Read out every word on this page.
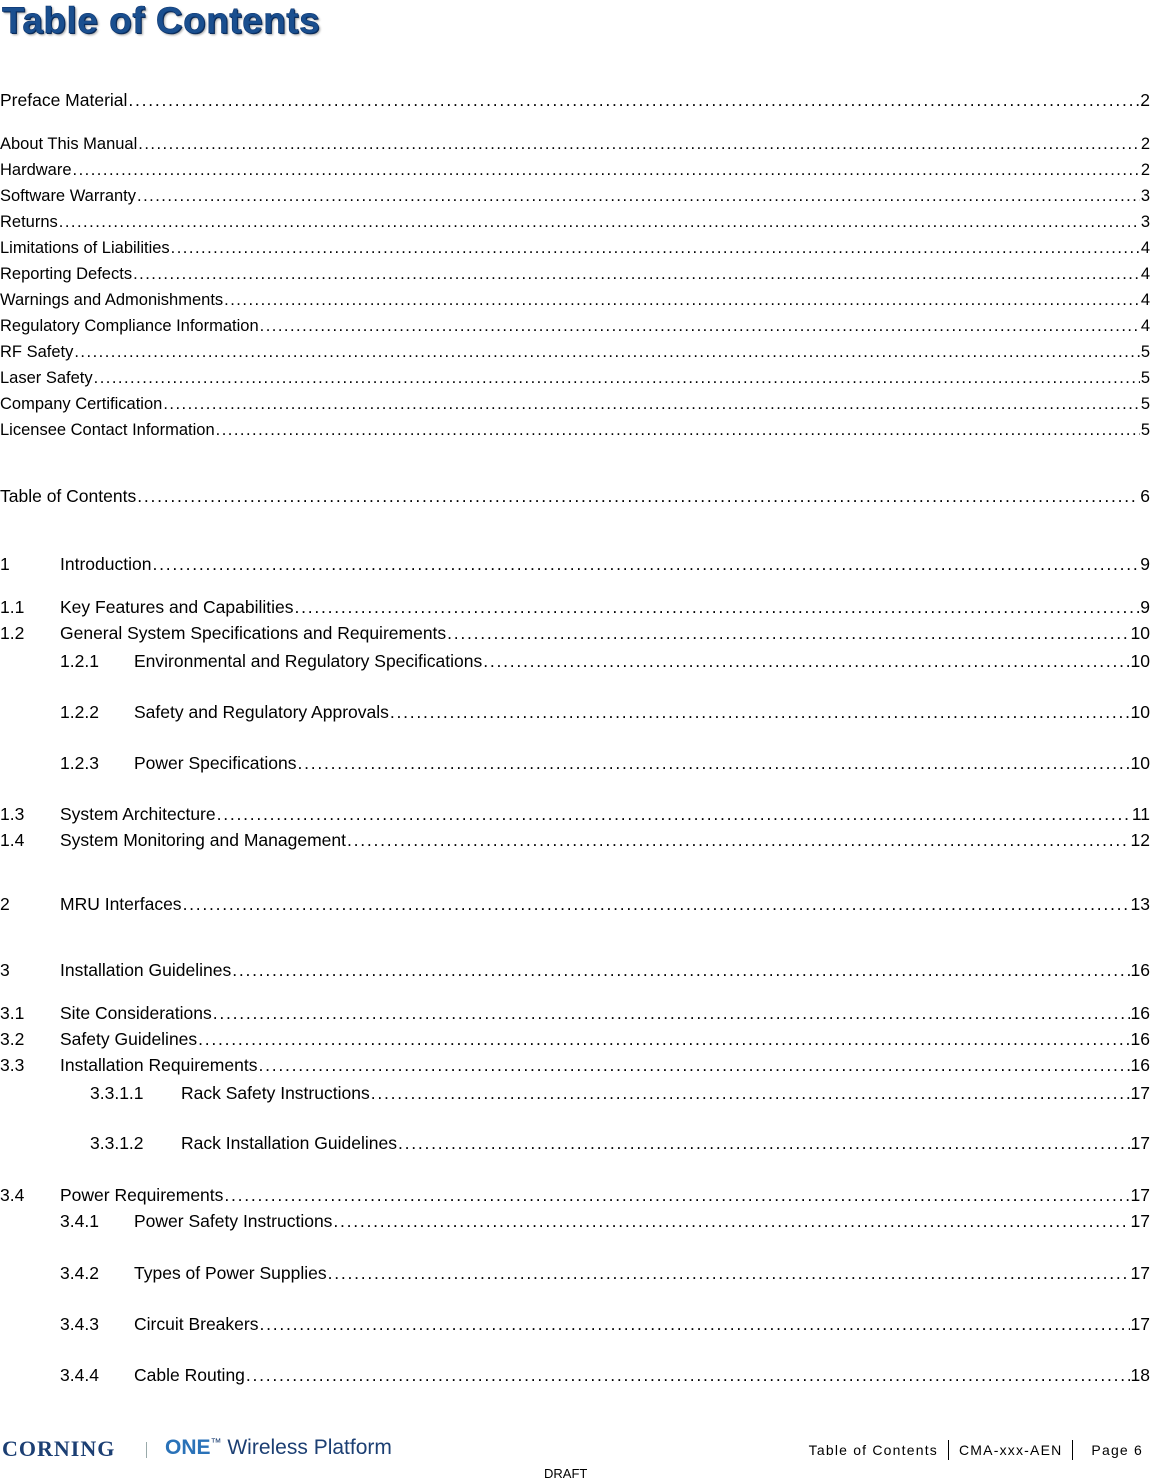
Table of Contents
Preface Material . . .	2
About This Manual . . .	2
Hardware . . .	2
Software Warranty . . .	3
Returns . . .	3
Limitations of Liabilities . . .	4
Reporting Defects . . .	4
Warnings and Admonishments . . .	4
Regulatory Compliance Information . . .	4
RF Safety . . .	5
Laser Safety . . .	5
Company Certification . . .	5
Licensee Contact Information . . .	5
Table of Contents . . .	6
1	Introduction . . .	9
1.1	Key Features and Capabilities . . .	9
1.2	General System Specifications and Requirements . . .	10
1.2.1	Environmental and Regulatory Specifications . . .	10
1.2.2	Safety and Regulatory Approvals . . .	10
1.2.3	Power Specifications . . .	10
1.3	System Architecture . . .	11
1.4	System Monitoring and Management . . .	12
2	MRU Interfaces . . .	13
3	Installation Guidelines . . .	16
3.1	Site Considerations . . .	16
3.2	Safety Guidelines . . .	16
3.3	Installation Requirements . . .	16
3.3.1.1	Rack Safety Instructions . . .	17
3.3.1.2	Rack Installation Guidelines . . .	17
3.4	Power Requirements . . .	17
3.4.1	Power Safety Instructions . . .	17
3.4.2	Types of Power Supplies . . .	17
3.4.3	Circuit Breakers . . .	17
3.4.4	Cable Routing . . .	18
CORNING ONE™ Wireless Platform	Table of Contents	CMA-xxx-AEN	Page 6
DRAFT
